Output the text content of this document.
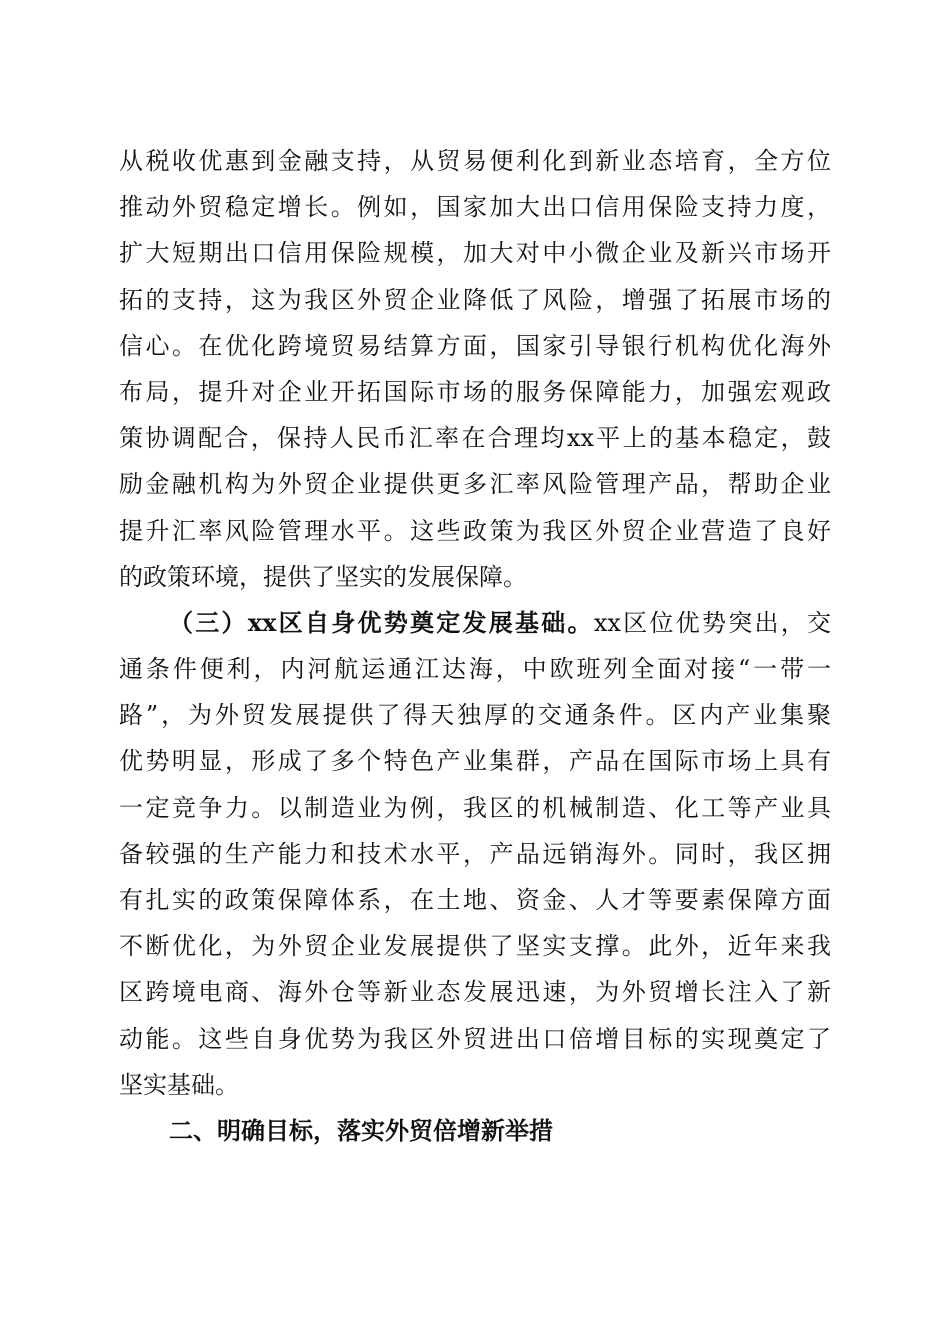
从税收优惠到金融支持，从贸易便利化到新业态培育，全方位
推动外贸稳定增长。例如，国家加大出口信用保险支持力度，
扩大短期出口信用保险规模，加大对中小微企业及新兴市场开
拓的支持，这为我区外贸企业降低了风险，增强了拓展市场的
信心。在优化跨境贸易结算方面，国家引导银行机构优化海外
布局，提升对企业开拓国际市场的服务保障能力，加强宏观政
策协调配合，保持人民币汇率在合理均xx平上的基本稳定，鼓
励金融机构为外贸企业提供更多汇率风险管理产品，帮助企业
提升汇率风险管理水平。这些政策为我区外贸企业营造了良好
的政策环境，提供了坚实的发展保障。
（三）xx区自身优势奠定发展基础。xx区位优势突出，交
通条件便利，内河航运通江达海，中欧班列全面对接“一带一
路”，为外贸发展提供了得天独厚的交通条件。区内产业集聚
优势明显，形成了多个特色产业集群，产品在国际市场上具有
一定竞争力。以制造业为例，我区的机械制造、化工等产业具
备较强的生产能力和技术水平，产品远销海外。同时，我区拥
有扎实的政策保障体系，在土地、资金、人才等要素保障方面
不断优化，为外贸企业发展提供了坚实支撑。此外，近年来我
区跨境电商、海外仓等新业态发展迅速，为外贸增长注入了新
动能。这些自身优势为我区外贸进出口倍增目标的实现奠定了
坚实基础。
二、明确目标，落实外贸倍增新举措
